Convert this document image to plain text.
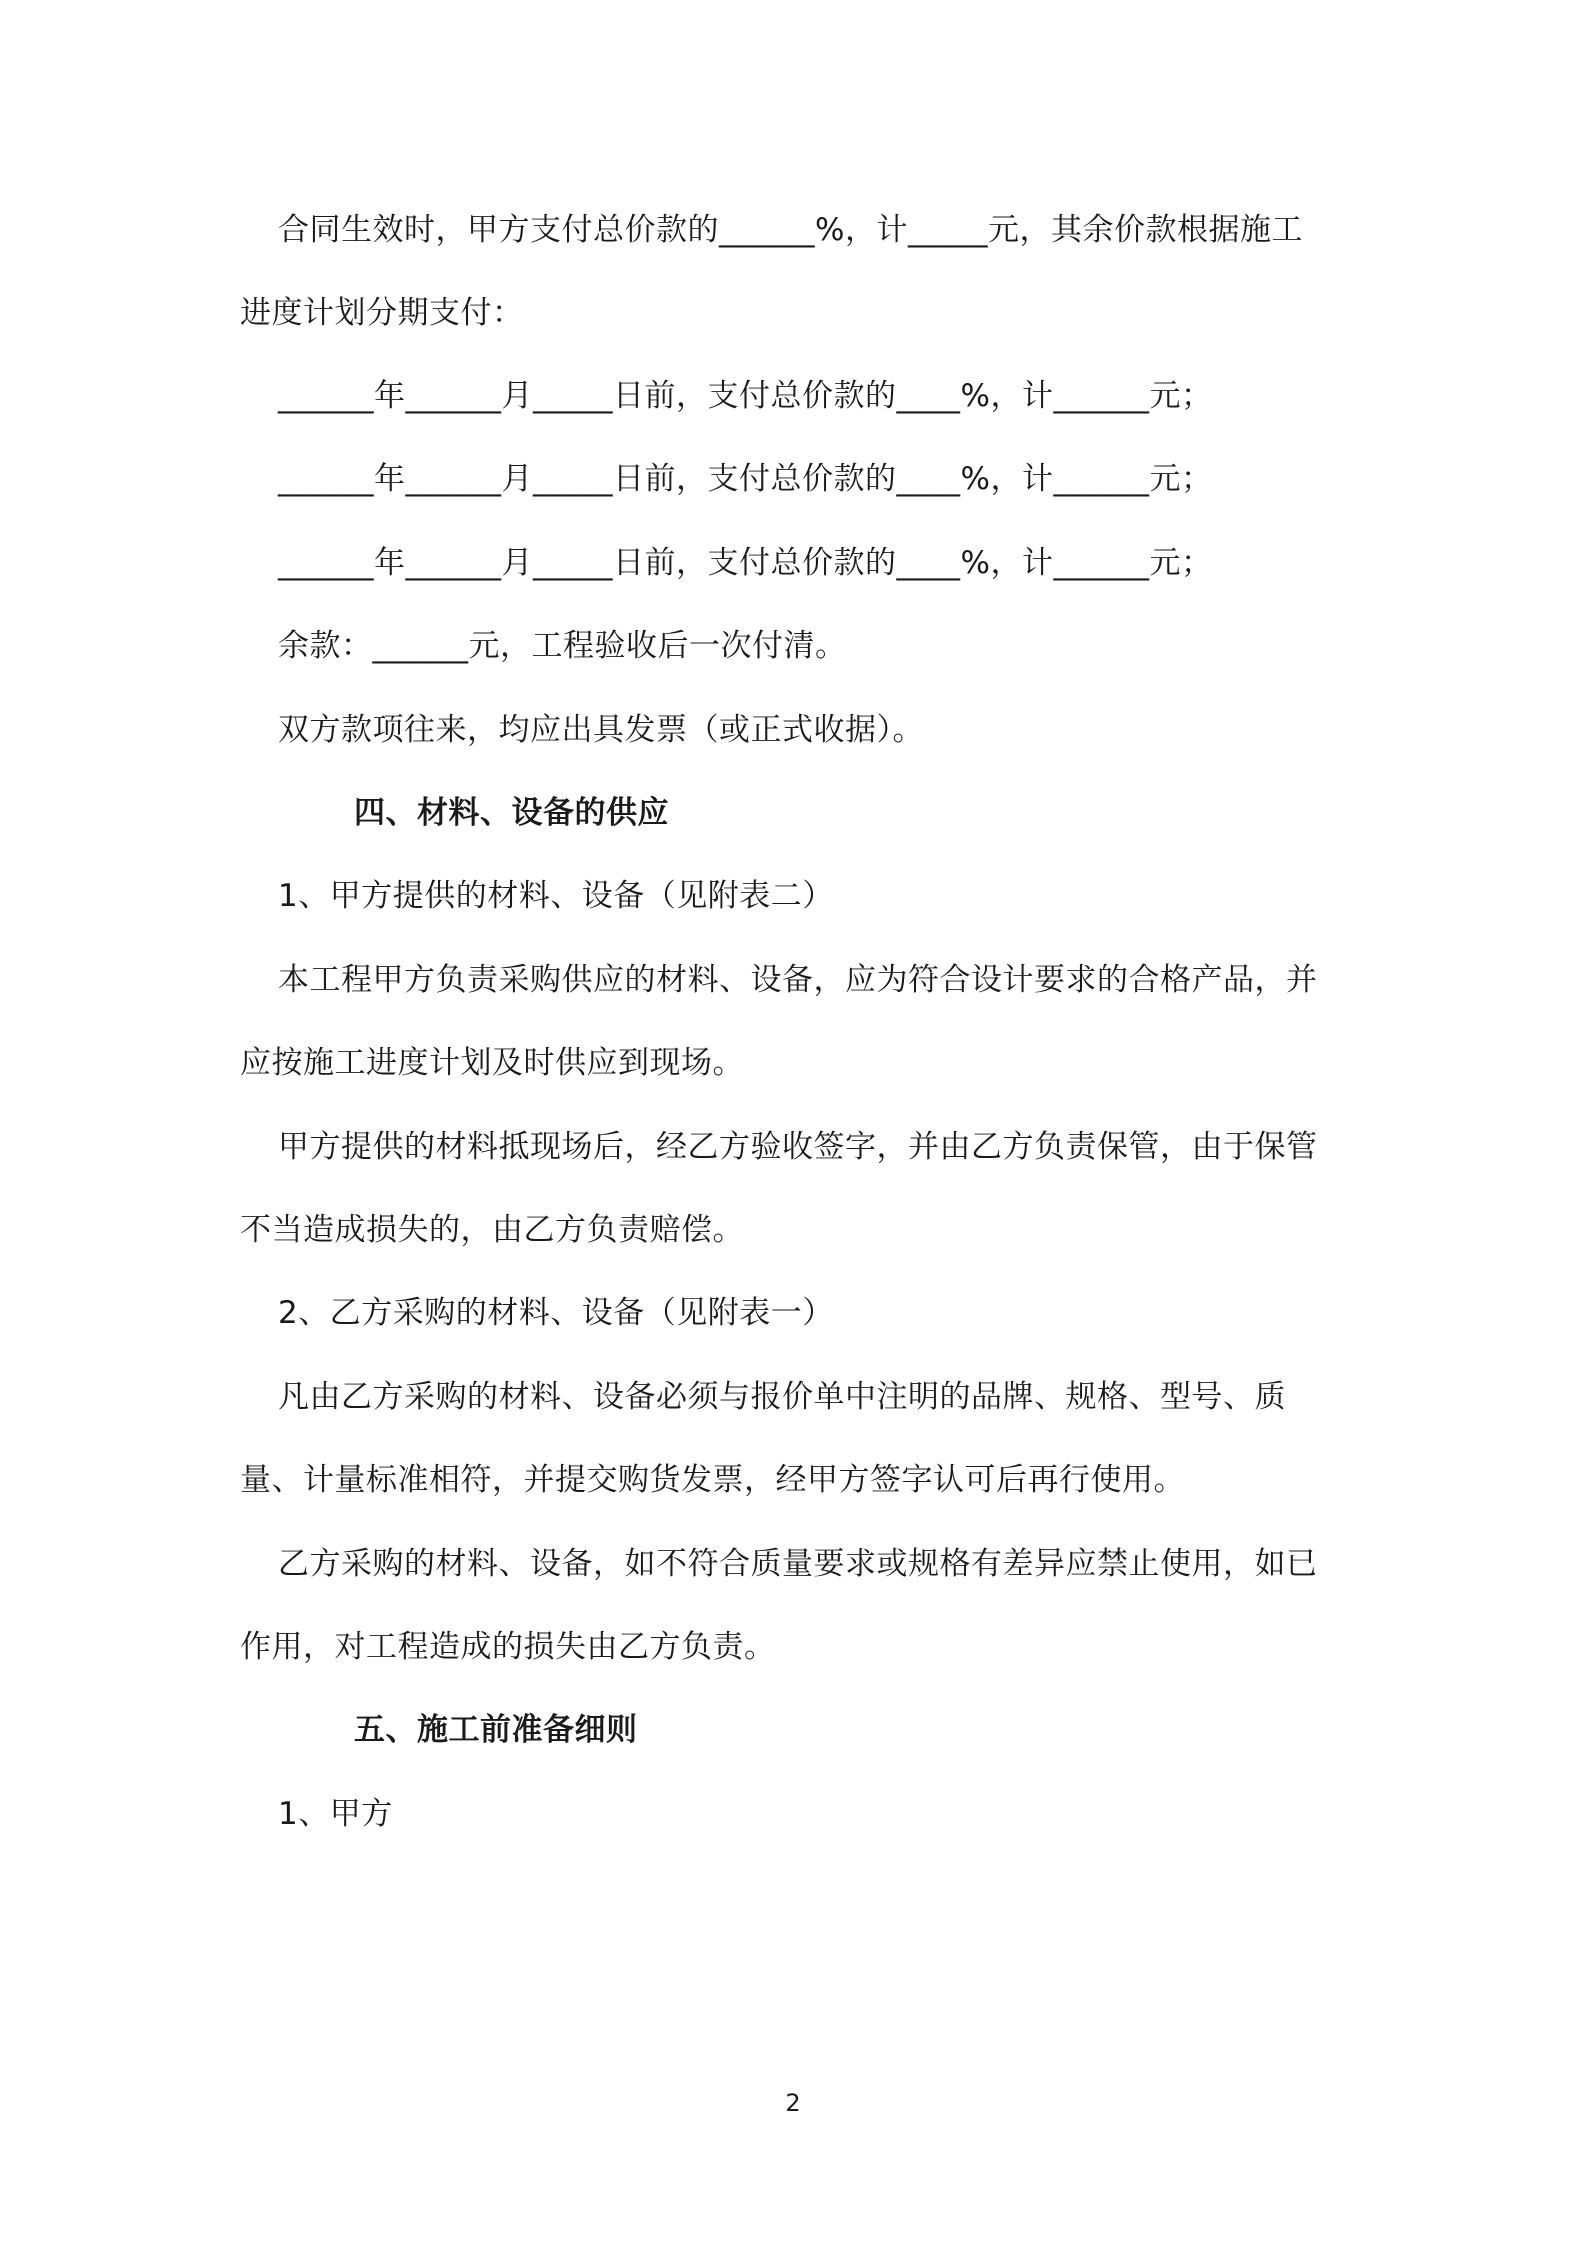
合同生效时，甲方支付总价款的______%，计_____元，其余价款根据施工
进度计划分期支付：
______年______月_____日前，支付总价款的____%，计______元；
______年______月_____日前，支付总价款的____%，计______元；
______年______月_____日前，支付总价款的____%，计______元；
余款：______元，工程验收后一次付清。
双方款项往来，均应出具发票（或正式收据）。
四、材料、设备的供应
1、甲方提供的材料、设备（见附表二）
本工程甲方负责采购供应的材料、设备，应为符合设计要求的合格产品，并
应按施工进度计划及时供应到现场。
甲方提供的材料抵现场后，经乙方验收签字，并由乙方负责保管，由于保管
不当造成损失的，由乙方负责赔偿。
2、乙方采购的材料、设备（见附表一）
凡由乙方采购的材料、设备必须与报价单中注明的品牌、规格、型号、质
量、计量标准相符，并提交购货发票，经甲方签字认可后再行使用。
乙方采购的材料、设备，如不符合质量要求或规格有差异应禁止使用，如已
作用，对工程造成的损失由乙方负责。
五、施工前准备细则
1、甲方
2
